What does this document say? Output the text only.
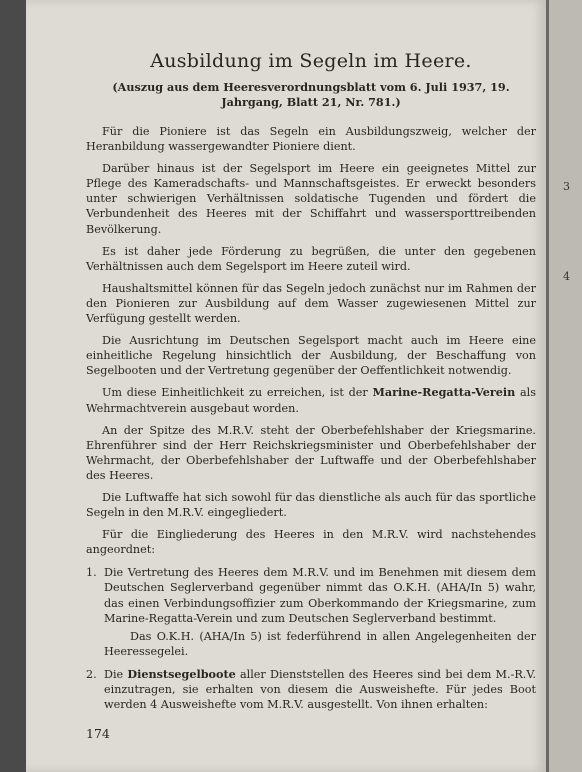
Ausbildung im Segeln im Heere.
(Auszug aus dem Heeresverordnungsblatt vom 6. Juli 1937, 19. Jahrgang, Blatt 21, Nr. 781.)

Für die Pioniere ist das Segeln ein Ausbildungszweig, welcher der Heranbildung wassergewandter Pioniere dient.

Darüber hinaus ist der Segelsport im Heere ein geeignetes Mittel zur Pflege des Kameradschafts- und Mannschaftsgeistes. Er erweckt besonders unter schwierigen Verhältnissen soldatische Tugenden und fördert die Verbundenheit des Heeres mit der Schiffahrt und wassersporttreibenden Bevölkerung.

Es ist daher jede Förderung zu begrüßen, die unter den gegebenen Verhältnissen auch dem Segelsport im Heere zuteil wird.

Haushaltsmittel können für das Segeln jedoch zunächst nur im Rahmen der den Pionieren zur Ausbildung auf dem Wasser zugewiesenen Mittel zur Verfügung gestellt werden.

Die Ausrichtung im Deutschen Segelsport macht auch im Heere eine einheitliche Regelung hinsichtlich der Ausbildung, der Beschaffung von Segelbooten und der Vertretung gegenüber der Oeffentlichkeit notwendig.

Um diese Einheitlichkeit zu erreichen, ist der Marine-Regatta-Verein als Wehrmachtverein ausgebaut worden.

An der Spitze des M.R.V. steht der Oberbefehlshaber der Kriegsmarine. Ehrenführer sind der Herr Reichskriegsminister und Oberbefehlshaber der Wehrmacht, der Oberbefehlshaber der Luftwaffe und der Oberbefehlshaber des Heeres.

Die Luftwaffe hat sich sowohl für das dienstliche als auch für das sportliche Segeln in den M.R.V. eingegliedert.

Für die Eingliederung des Heeres in den M.R.V. wird nachstehendes angeordnet:

1. Die Vertretung des Heeres dem M.R.V. und im Benehmen mit diesem dem Deutschen Seglerverband gegenüber nimmt das O.K.H. (AHA/In 5) wahr, das einen Verbindungsoffizier zum Oberkommando der Kriegsmarine, zum Marine-Regatta-Verein und zum Deutschen Seglerverband bestimmt.

Das O.K.H. (AHA/In 5) ist federführend in allen Angelegenheiten der Heeressegelei.

2. Die Dienstsegelboote aller Dienststellen des Heeres sind bei dem M.-R.V. einzutragen, sie erhalten von diesem die Ausweishefte. Für jedes Boot werden 4 Ausweishefte vom M.R.V. ausgestellt. Von ihnen erhalten:

174
3
4
